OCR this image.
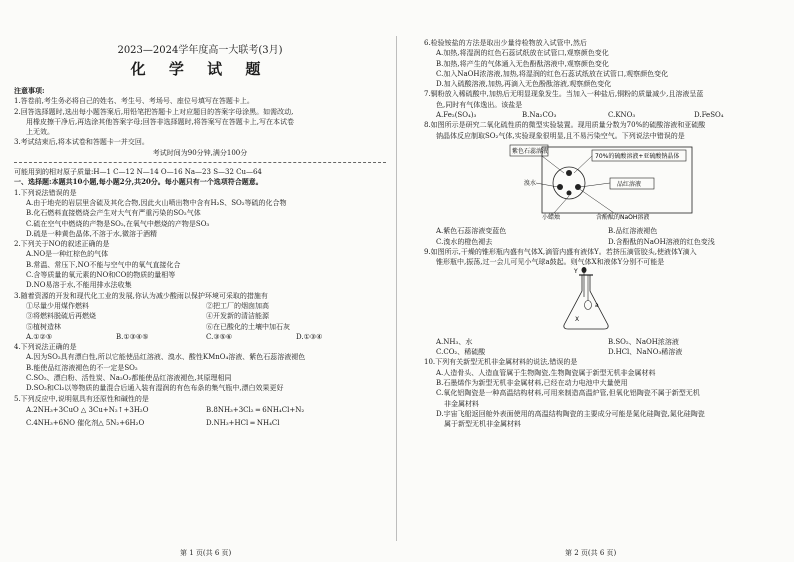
2023—2024学年度高一大联考(3月)
化 学 试 题
注意事项:
1.答卷前,考生务必将自己的姓名、考生号、考场号、座位号填写在答题卡上。
2.回答选择题时,选出每小题答案后,用铅笔把答题卡上对应题目的答案字母涂黑。如需改动,
用橡皮擦干净后,再选涂其他答案字母;回答非选择题时,将答案写在答题卡上,写在本试卷
上无效。
3.考试结束后,将本试卷和答题卡一并交回。
考试时间为90分钟,满分100分
可能用到的相对原子质量:H—1 C—12 N—14 O—16 Na—23 S—32 Cu—64
一、选择题:本题共10小题,每小题2分,共20分。每小题只有一个选项符合题意。
1.下列说法错误的是
A.由于地壳的岩层里含硫及其化合物,因此火山喷出物中含有H₂S、SO₂等硫的化合物
B.化石燃料直接燃烧会产生对大气有严重污染的SO₂气体
C.硫在空气中燃烧的产物是SO₂,在氧气中燃烧的产物是SO₃
D.硫是一种黄色晶体,不溶于水,微溶于酒精
2.下列关于NO的叙述正确的是
A.NO是一种红棕色的气体
B.常温、常压下,NO不能与空气中的氧气直接化合
C.含等质量的氧元素的NO和CO的物质的量相等
D.NO易溶于水,不能用排水法收集
3.随着资源的开发和现代化工业的发展,你认为减少酸雨以保护环境可采取的措施有
①尽量少用煤作燃料	②把工厂的烟囱加高
③将燃料脱硫后再燃烧	④开发新的清洁能源
⑤植树造林	⑥在已酸化的土壤中加石灰
A.①②⑤	B.①③④⑤	C.③⑤⑥	D.①③④
4.下列说法正确的是
A.因为SO₂具有漂白性,所以它能使品红溶液、溴水、酸性KMnO₄溶液、紫色石蕊溶液褪色
B.能使品红溶液褪色的不一定是SO₂
C.SO₂、漂白粉、活性炭、Na₂O₂都能使品红溶液褪色,其原理相同
D.SO₂和Cl₂以等物质的量混合后通入装有湿润的有色布条的集气瓶中,漂白效果更好
5.下列反应中,说明氨具有还原性和碱性的是
A.2NH₃+3CuO △ 3Cu+N₂↑+3H₂O	B.8NH₃+3Cl₂ ═ 6NH₄Cl+N₂
C.4NH₃+6NO 催化剂△ 5N₂+6H₂O	D.NH₃+HCl ═ NH₄Cl
6.检验铵盐的方法是取出少量待检物放入试管中,然后
A.加热,将湿润的红色石蕊试纸放在试管口,观察颜色变化
B.加热,将产生的气体通入无色酚酞溶液中,观察颜色变化
C.加入NaOH浓溶液,加热,将湿润的红色石蕊试纸放在试管口,观察颜色变化
D.加入硫酸溶液,加热,再滴入无色酚酞溶液,观察颜色变化
7.铜粉放入稀硫酸中,加热后无明显现象发生。当加入一种盐后,铜粉的质量减少,且溶液呈蓝
色,同时有气体逸出。该盐是
A.Fe₂(SO₄)₃	B.Na₂CO₃	C.KNO₃	D.FeSO₄
8.如图所示是研究二氧化硫性质的微型实验装置。现用质量分数为70%的硫酸溶液和亚硫酸
钠晶体反应制取SO₂气体,实验现象很明显,且不易污染空气。下列说法中错误的是
70%的硫酸溶液+亚硫酸钠晶体
紫色石蕊溶液
溴水	品红溶液
小蜡烛	含酚酞的NaOH溶液
A.紫色石蕊溶液变蓝色	B.品红溶液褪色
C.溴水的橙色褪去	D.含酚酞的NaOH溶液的红色变浅
9.如图所示,干燥的锥形瓶内盛有气体X,滴管内盛有液体Y。若挤压滴管胶头,使液体Y滴入
锥形瓶中,振荡,过一会儿可见小气球a鼓起。则气体X和液体Y分别不可能是
Y
a
X
A.NH₃、水	B.SO₂、NaOH浓溶液
C.CO₂、稀硫酸	D.HCl、NaNO₃稀溶液
10.下列有关新型无机非金属材料的说法,错误的是
A.人造骨头、人造血管属于生物陶瓷,生物陶瓷属于新型无机非金属材料
B.石墨烯作为新型无机非金属材料,已经在动力电池中大量使用
C.氧化铝陶瓷是一种高温结构材料,可用来制造高温炉管,但氧化铝陶瓷不属于新型无机
非金属材料
D.宇宙飞船返回舱外表面使用的高温结构陶瓷的主要成分可能是氮化硅陶瓷,氮化硅陶瓷
属于新型无机非金属材料
第 1 页(共 6 页)	第 2 页(共 6 页)
